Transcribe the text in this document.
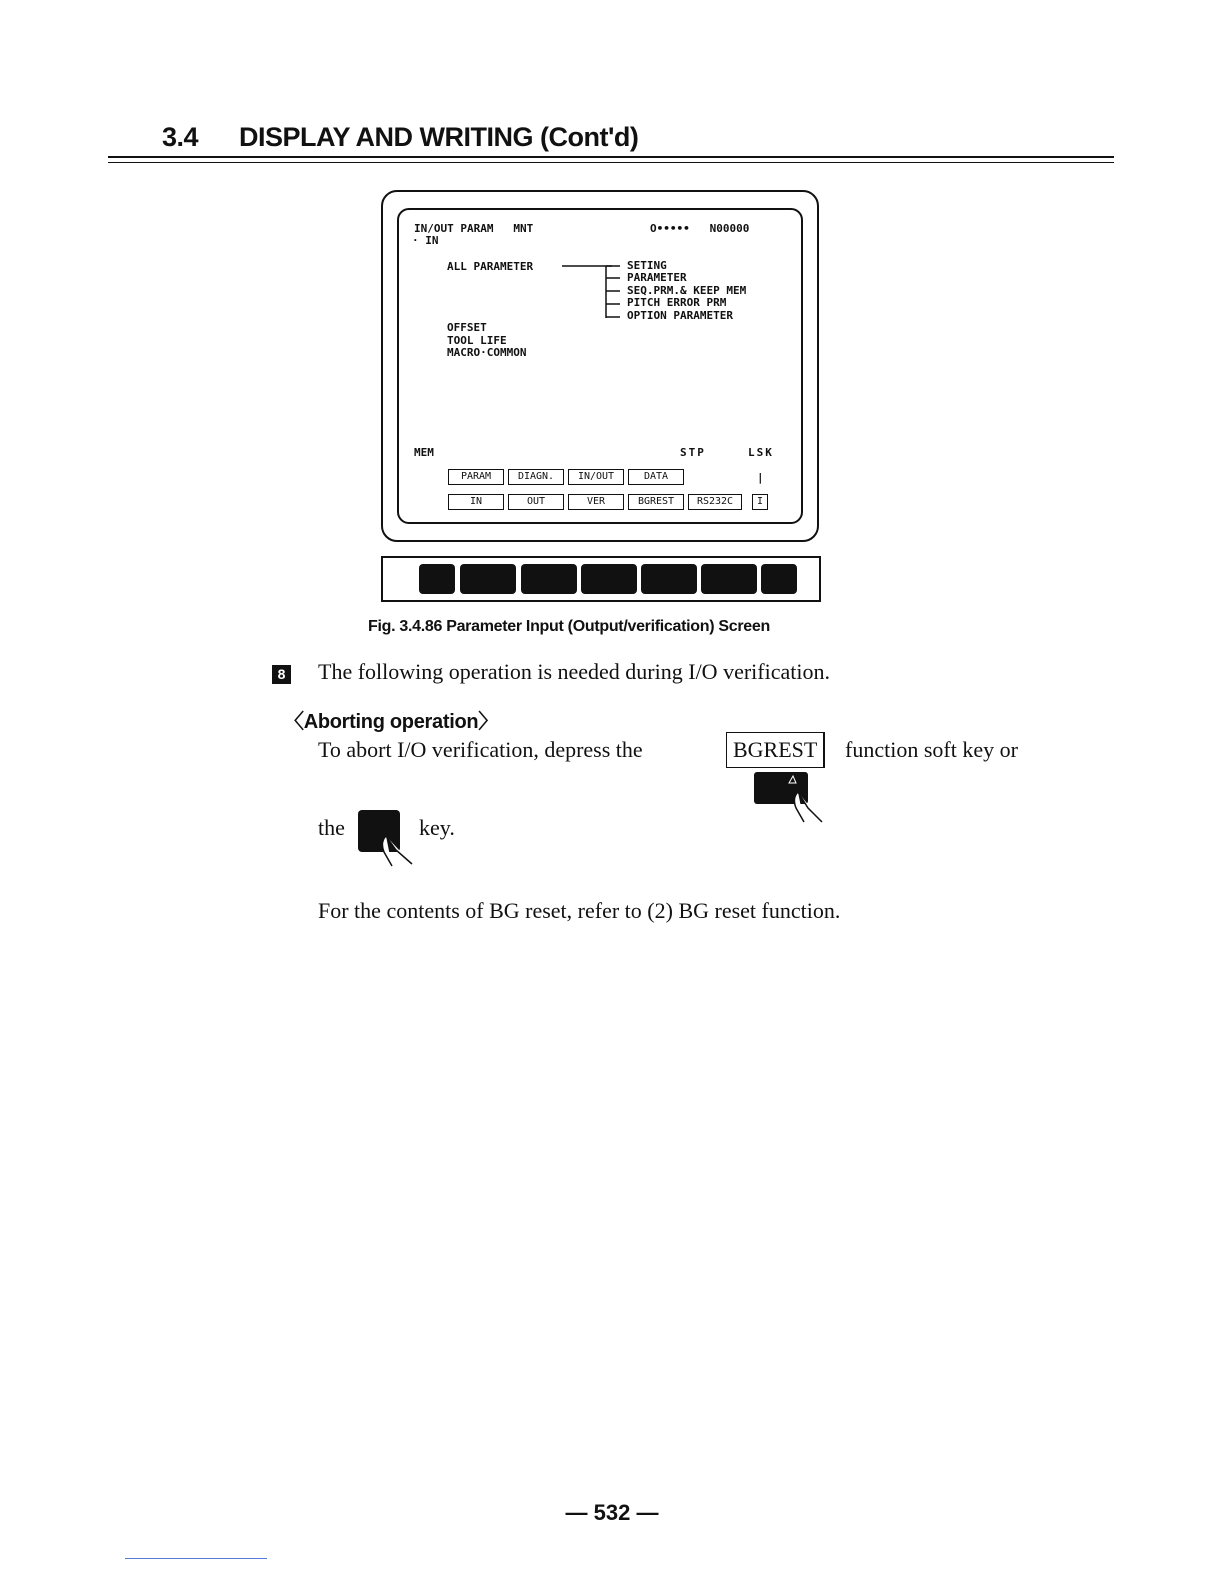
3.4 DISPLAY AND WRITING (Cont'd)
IN/OUT PARAM   MNT
· IN
O•••••   N00000
ALL PARAMETER	SETING
PARAMETER
SEQ.PRM.& KEEP MEM
PITCH ERROR PRM
OPTION PARAMETER
OFFSET
TOOL LIFE
MACRO·COMMON
MEM	STP	LSK
|
PARAM	DIAGN.	IN/OUT	DATA
IN	OUT	VER	BGREST	RS232C	I
Fig. 3.4.86 Parameter Input (Output/verification) Screen
8 The following operation is needed during I/O verification.
〈Aborting operation〉
To abort I/O verification, depress the	BGREST	function soft key or
the	key.
For the contents of BG reset, refer to (2) BG reset function.
— 532 —
